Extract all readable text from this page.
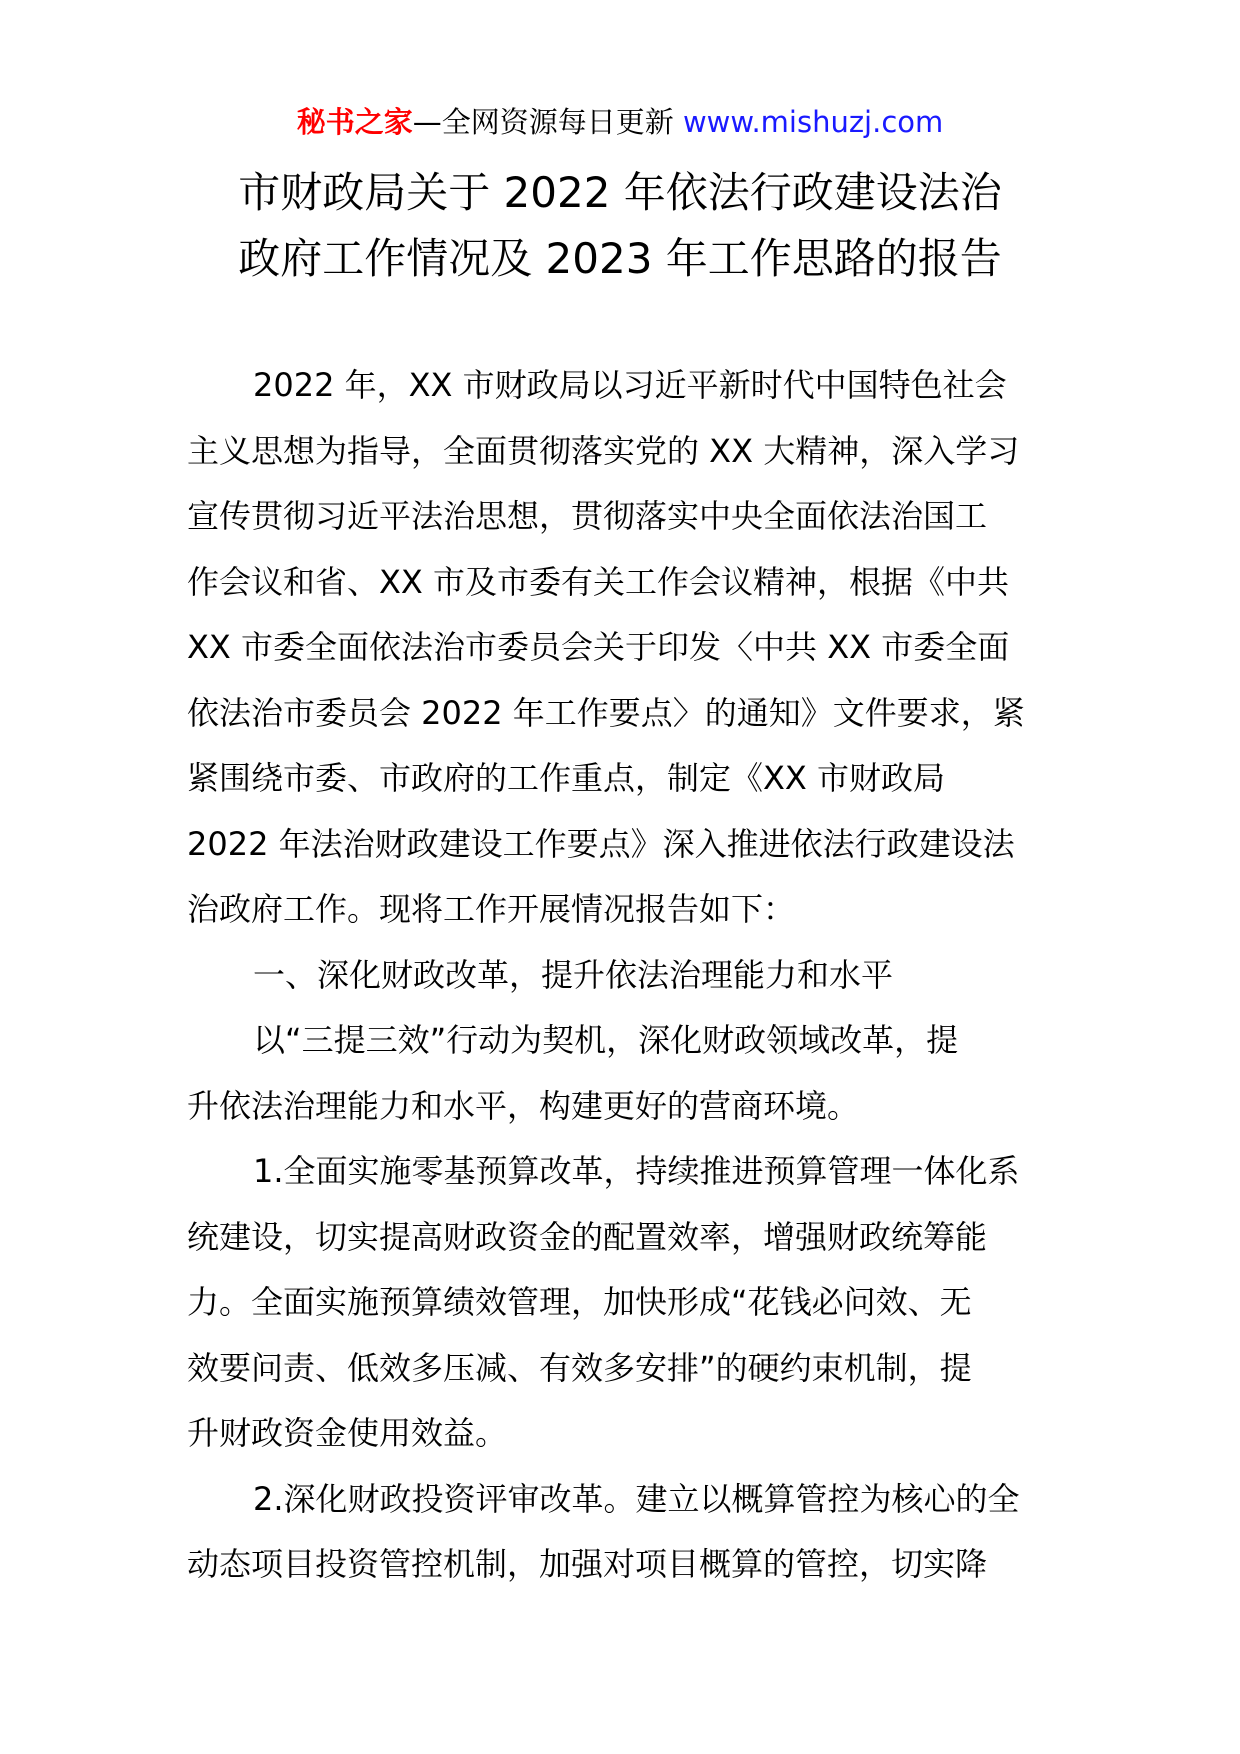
秘书之家—全网资源每日更新 www.mishuzj.com
市财政局关于 2022 年依法行政建设法治
政府工作情况及 2023 年工作思路的报告
2022 年，XX 市财政局以习近平新时代中国特色社会
主义思想为指导，全面贯彻落实党的 XX 大精神，深入学习
宣传贯彻习近平法治思想，贯彻落实中央全面依法治国工
作会议和省、XX 市及市委有关工作会议精神，根据《中共
XX 市委全面依法治市委员会关于印发〈中共 XX 市委全面
依法治市委员会 2022 年工作要点〉的通知》文件要求，紧
紧围绕市委、市政府的工作重点，制定《XX 市财政局
2022 年法治财政建设工作要点》深入推进依法行政建设法
治政府工作。现将工作开展情况报告如下：
一、深化财政改革，提升依法治理能力和水平
以“三提三效”行动为契机，深化财政领域改革，提
升依法治理能力和水平，构建更好的营商环境。
1.全面实施零基预算改革，持续推进预算管理一体化系
统建设，切实提高财政资金的配置效率，增强财政统筹能
力。全面实施预算绩效管理，加快形成“花钱必问效、无
效要问责、低效多压减、有效多安排”的硬约束机制，提
升财政资金使用效益。
2.深化财政投资评审改革。建立以概算管控为核心的全
动态项目投资管控机制，加强对项目概算的管控，切实降
